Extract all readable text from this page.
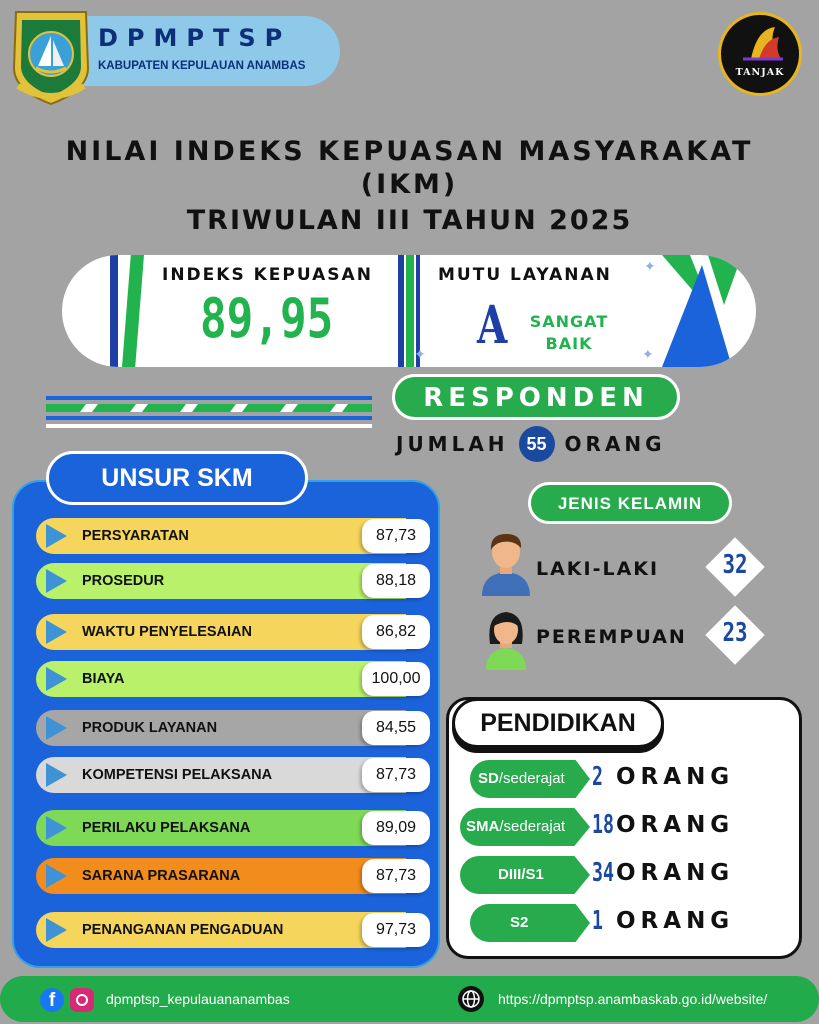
DPMPTSP
KABUPATEN KEPULAUAN ANAMBAS
TANJAK
NILAI INDEKS KEPUASAN MASYARAKAT
(IKM)
TRIWULAN III TAHUN 2025
✦
✦	✦
INDEKS KEPUASAN
89,95
MUTU LAYANAN
A	SANGAT
BAIK
RESPONDEN
JUMLAH 55 ORANG
UNSUR SKM
PERSYARATAN	87,73
PROSEDUR	88,18
WAKTU PENYELESAIAN	86,82
BIAYA	100,00
PRODUK LAYANAN	84,55
KOMPETENSI PELAKSANA	87,73
PERILAKU PELAKSANA	89,09
SARANA PRASARANA	87,73
PENANGANAN PENGADUAN	97,73
JENIS KELAMIN
LAKI-LAKI	32
PEREMPUAN	23
PENDIDIKAN
SD/sederajat 2 ORANG
SMA/sederajat 18 ORANG
DIII/S1 34 ORANG
S2 1 ORANG
f	dpmptsp_kepulauananambas	https://dpmptsp.anambaskab.go.id/website/
